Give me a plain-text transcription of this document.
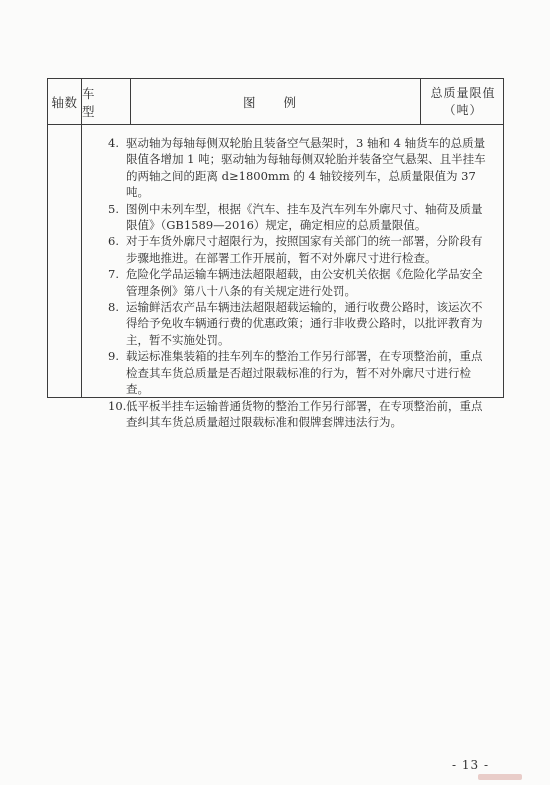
轴数
车 型
图 例
总质量限值
（吨）
4. 驱动轴为每轴每侧双轮胎且装备空气悬架时，3 轴和 4 轴货车的总质量限值各增加 1 吨；驱动轴为每轴每侧双轮胎并装备空气悬架、且半挂车的两轴之间的距离 d≥1800mm 的 4 轴铰接列车，总质量限值为 37 吨。
5. 图例中未列车型，根据《汽车、挂车及汽车列车外廓尺寸、轴荷及质量限值》（GB1589—2016）规定，确定相应的总质量限值。
6. 对于车货外廓尺寸超限行为，按照国家有关部门的统一部署，分阶段有步骤地推进。在部署工作开展前，暂不对外廓尺寸进行检查。
7. 危险化学品运输车辆违法超限超载，由公安机关依据《危险化学品安全管理条例》第八十八条的有关规定进行处罚。
8. 运输鲜活农产品车辆违法超限超载运输的，通行收费公路时，该运次不得给予免收车辆通行费的优惠政策；通行非收费公路时，以批评教育为主，暂不实施处罚。
9. 载运标准集装箱的挂车列车的整治工作另行部署，在专项整治前，重点检查其车货总质量是否超过限载标准的行为，暂不对外廓尺寸进行检查。
10. 低平板半挂车运输普通货物的整治工作另行部署，在专项整治前，重点查纠其车货总质量超过限载标准和假牌套牌违法行为。
- 13 -
